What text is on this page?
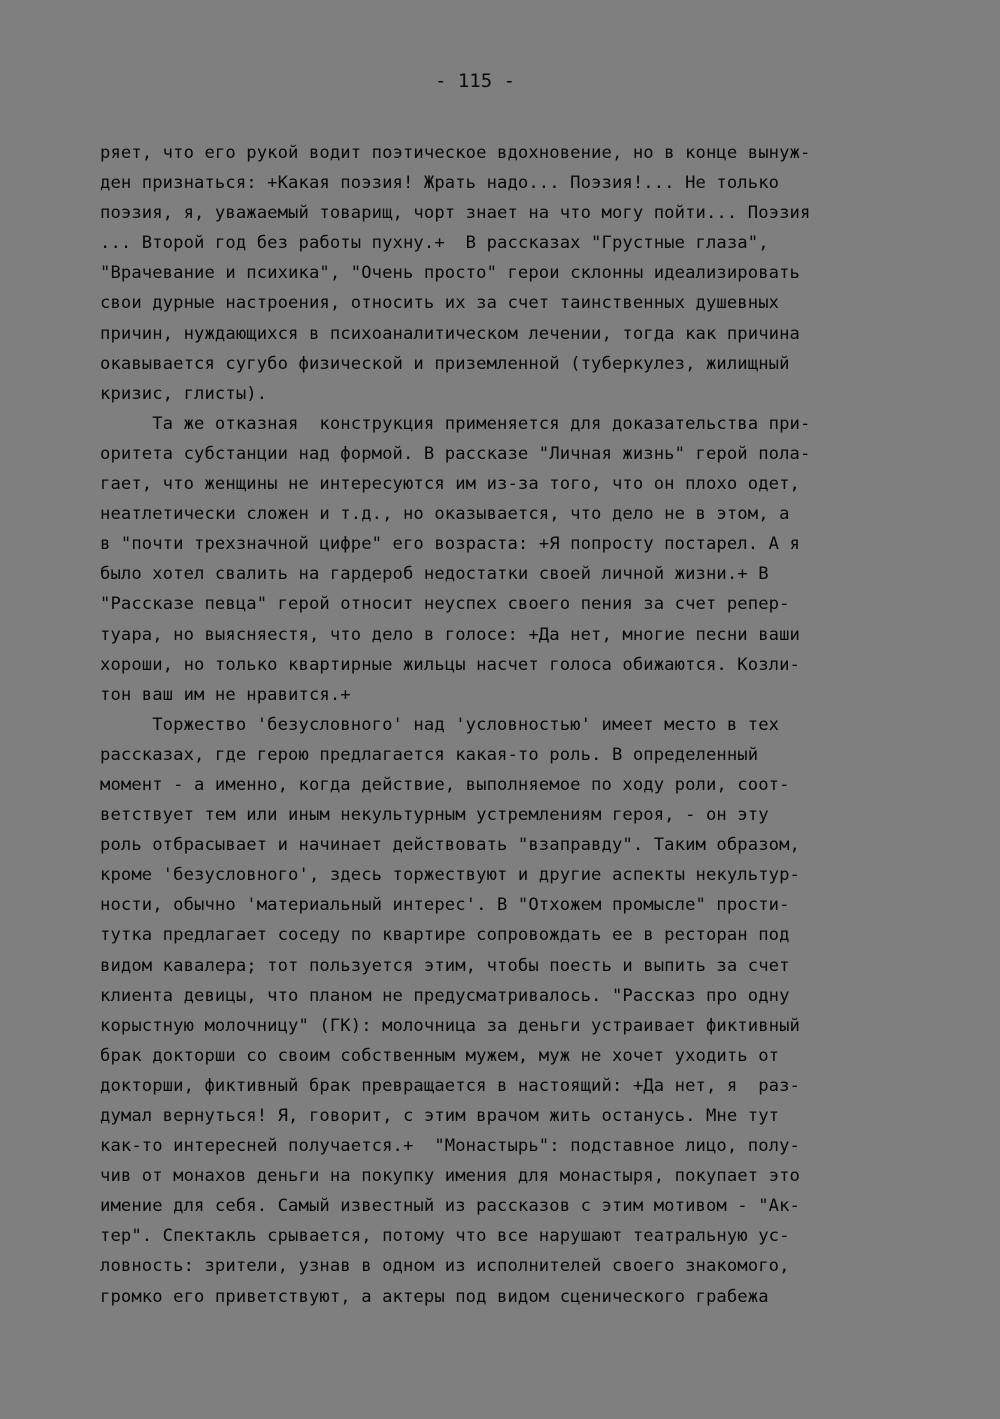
- 115 -
ряет, что его рукой водит поэтическое вдохновение, но в конце вынуж-
ден признаться: +Какая поэзия! Жрать надо... Поэзия!... Не только
поэзия, я, уважаемый товарищ, чорт знает на что могу пойти... Поэзия
... Второй год без работы пухну.+  В рассказах "Грустные глаза",
"Врачевание и психика", "Очень просто" герои склонны идеализировать
свои дурные настроения, относить их за счет таинственных душевных
причин, нуждающихся в психоаналитическом лечении, тогда как причина
окавывается сугубо физической и приземленной (туберкулез, жилищный
кризис, глисты).
Та же отказная  конструкция применяется для доказательства при-
оритета субстанции над формой. В рассказе "Личная жизнь" герой пола-
гает, что женщины не интересуются им из-за того, что он плохо одет,
неатлетически сложен и т.д., но оказывается, что дело не в этом, а
в "почти трехзначной цифре" его возраста: +Я попросту постарел. А я
было хотел свалить на гардероб недостатки своей личной жизни.+ В
"Рассказе певца" герой относит неуспех своего пения за счет репер-
туара, но выясняестя, что дело в голосе: +Да нет, многие песни ваши
хороши, но только квартирные жильцы насчет голоса обижаются. Козли-
тон ваш им не нравится.+
Торжество 'безусловного' над 'условностью' имеет место в тех
рассказах, где герою предлагается какая-то роль. В определенный
момент - а именно, когда действие, выполняемое по ходу роли, соот-
ветствует тем или иным некультурным устремлениям героя, - он эту
роль отбрасывает и начинает действовать "взаправду". Таким образом,
кроме 'безусловного', здесь торжествуют и другие аспекты некультур-
ности, обычно 'материальный интерес'. В "Отхожем промысле" прости-
тутка предлагает соседу по квартире сопровождать ее в ресторан под
видом кавалера; тот пользуется этим, чтобы поесть и выпить за счет
клиента девицы, что планом не предусматривалось. "Рассказ про одну
корыстную молочницу" (ГК): молочница за деньги устраивает фиктивный
брак докторши со своим собственным мужем, муж не хочет уходить от
докторши, фиктивный брак превращается в настоящий: +Да нет, я  раз-
думал вернуться! Я, говорит, с этим врачом жить останусь. Мне тут
как-то интересней получается.+  "Монастырь": подставное лицо, полу-
чив от монахов деньги на покупку имения для монастыря, покупает это
имение для себя. Самый известный из рассказов с этим мотивом - "Ак-
тер". Спектакль срывается, потому что все нарушают театральную ус-
ловность: зрители, узнав в одном из исполнителей своего знакомого,
громко его приветствуют, а актеры под видом сценического грабежа
